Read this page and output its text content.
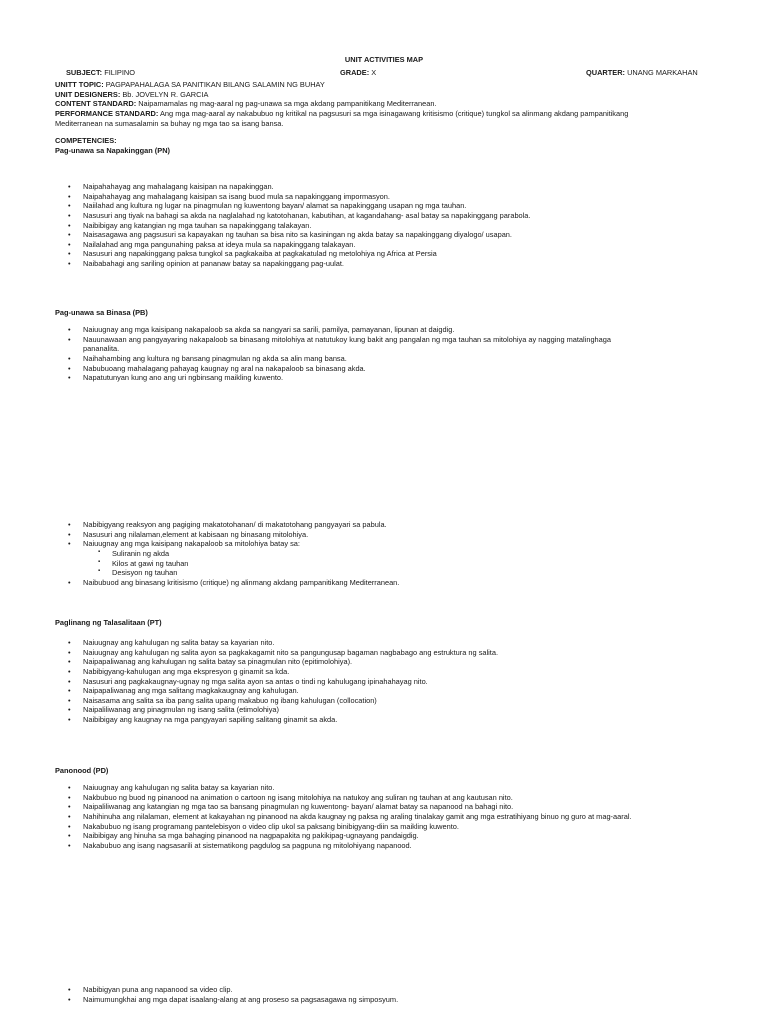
UNIT ACTIVITIES MAP
SUBJECT: FILIPINO	GRADE: X	QUARTER: UNANG MARKAHAN
UNITT TOPIC: PAGPAPAHALAGA SA PANITIKAN BILANG SALAMIN NG BUHAY
UNIT DESIGNERS: Bb. JOVELYN R. GARCIA
CONTENT STANDARD: Naipamamalas ng mag-aaral ng pag-unawa sa mga akdang pampanitikang Mediterranean.
PERFORMANCE STANDARD: Ang mga mag-aaral ay nakabubuo ng kritikal na pagsusuri sa mga isinagawang kritisismo (critique) tungkol sa alinmang akdang pampanitikang
Mediterranean na sumasalamin sa buhay ng mga tao sa isang bansa.
COMPETENCIES:
Pag-unawa sa Napakinggan (PN)
• Naipahahayag ang mahalagang kaisipan na napakinggan.
• Naipahahayag ang mahalagang kaisipan sa isang buod mula sa napakinggang impormasyon.
• Naiilahad ang kultura ng lugar na pinagmulan ng kuwentong bayan/ alamat sa napakinggang usapan ng mga tauhan.
• Nasusuri ang tiyak na bahagi sa akda na naglalahad ng katotohanan, kabutihan, at kagandahang- asal batay sa napakinggang parabola.
• Naibibigay ang katangian ng mga tauhan sa napakinggang talakayan.
• Naisasagawa ang pagsusuri sa kapayakan ng tauhan sa bisa nito sa kasiningan ng akda batay sa napakinggang diyalogo/ usapan.
• Nailalahad ang mga pangunahing paksa at ideya mula sa napakinggang talakayan.
• Nasusuri ang napakinggang paksa tungkol sa pagkakaiba at pagkakatulad ng metolohiya ng Africa at Persia
• Naibabahagi ang sariling opinion at pananaw batay sa napakinggang pag-uulat.
Pag-unawa sa Binasa (PB)
• Naiuugnay ang mga kaisipang nakapaloob sa akda sa nangyari sa sarili, pamilya, pamayanan, lipunan at daigdig.
• Nauunawaan ang pangyayaring nakapaloob sa binasang mitolohiya at natutukoy kung bakit ang pangalan ng mga tauhan sa mitolohiya ay nagging matalinghaga
pananalita.
• Naihahambing ang kultura ng bansang pinagmulan ng akda sa alin mang bansa.
• Nabubuoang mahalagang pahayag kaugnay ng aral na nakapaloob sa binasang akda.
• Napatutunyan kung ano ang uri ngbinsang maikling kuwento.
• Nabibigyang reaksyon ang pagiging makatotohanan/ di makatotohang pangyayari sa pabula.
• Nasusuri ang nilalaman,element at kabisaan ng binasang mitolohiya.
• Naiuugnay ang mga kaisipang nakapaloob sa mitolohiya batay sa:
▪ Suliranin ng akda
▪ Kilos at gawi ng tauhan
▪ Desisyon ng tauhan
• Naibubuod ang binasang kritisismo (critique) ng alinmang akdang pampanitikang Mediterranean.
Paglinang ng Talasalitaan (PT)
• Naiuugnay ang kahulugan ng salita batay sa kayarian nito.
• Naiuugnay ang kahulugan ng salita ayon sa pagkakagamit nito sa pangungusap bagaman nagbabago ang estruktura ng salita.
• Naipapaliwanag ang kahulugan ng salita batay sa pinagmulan nito (epitimolohiya).
• Nabibigyang-kahulugan ang mga ekspresyon g ginamit sa kda.
• Nasusuri ang pagkakaugnay-ugnay ng mga salita ayon sa antas o tindi ng kahulugang ipinahahayag nito.
• Naipapaliwanag ang mga salitang magkakaugnay ang kahulugan.
• Naisasama ang salita sa iba pang salita upang makabuo ng ibang kahulugan (collocation)
• Naipaliliwanag ang pinagmulan ng isang salita (etimolohiya)
• Naibibigay ang kaugnay na mga pangyayari sapiling salitang ginamit sa akda.
Panonood (PD)
• Naiuugnay ang kahulugan ng salita batay sa kayarian nito.
• Nakbubuo ng buod ng pinanood na animation o cartoon ng isang mitolohiya na natukoy ang suliran ng tauhan at ang kautusan nito.
• Naipaliliwanag ang katangian ng mga tao sa bansang pinagmulan ng kuwentong- bayan/ alamat batay sa napanood na bahagi nito.
• Nahihinuha ang nilalaman, element at kakayahan ng pinanood na akda kaugnay ng paksa ng araling tinalakay gamit ang mga estratihiyang binuo ng guro at mag-aaral.
• Nakabubuo ng isang programang pantelebisyon o video clip ukol sa paksang binibigyang-diin sa maikling kuwento.
• Naibibigay ang hinuha sa mga bahaging pinanood na nagpapakita ng pakikipag-ugnayang pandaigdig.
• Nakabubuo ang isang nagsasarili at sistematikong pagdulog sa pagpuna ng mitolohiyang napanood.
• Nabibigyan puna ang napanood sa video clip.
• Naimumungkhai ang mga dapat isaalang-alang at ang proseso sa pagsasagawa ng simposyum.
